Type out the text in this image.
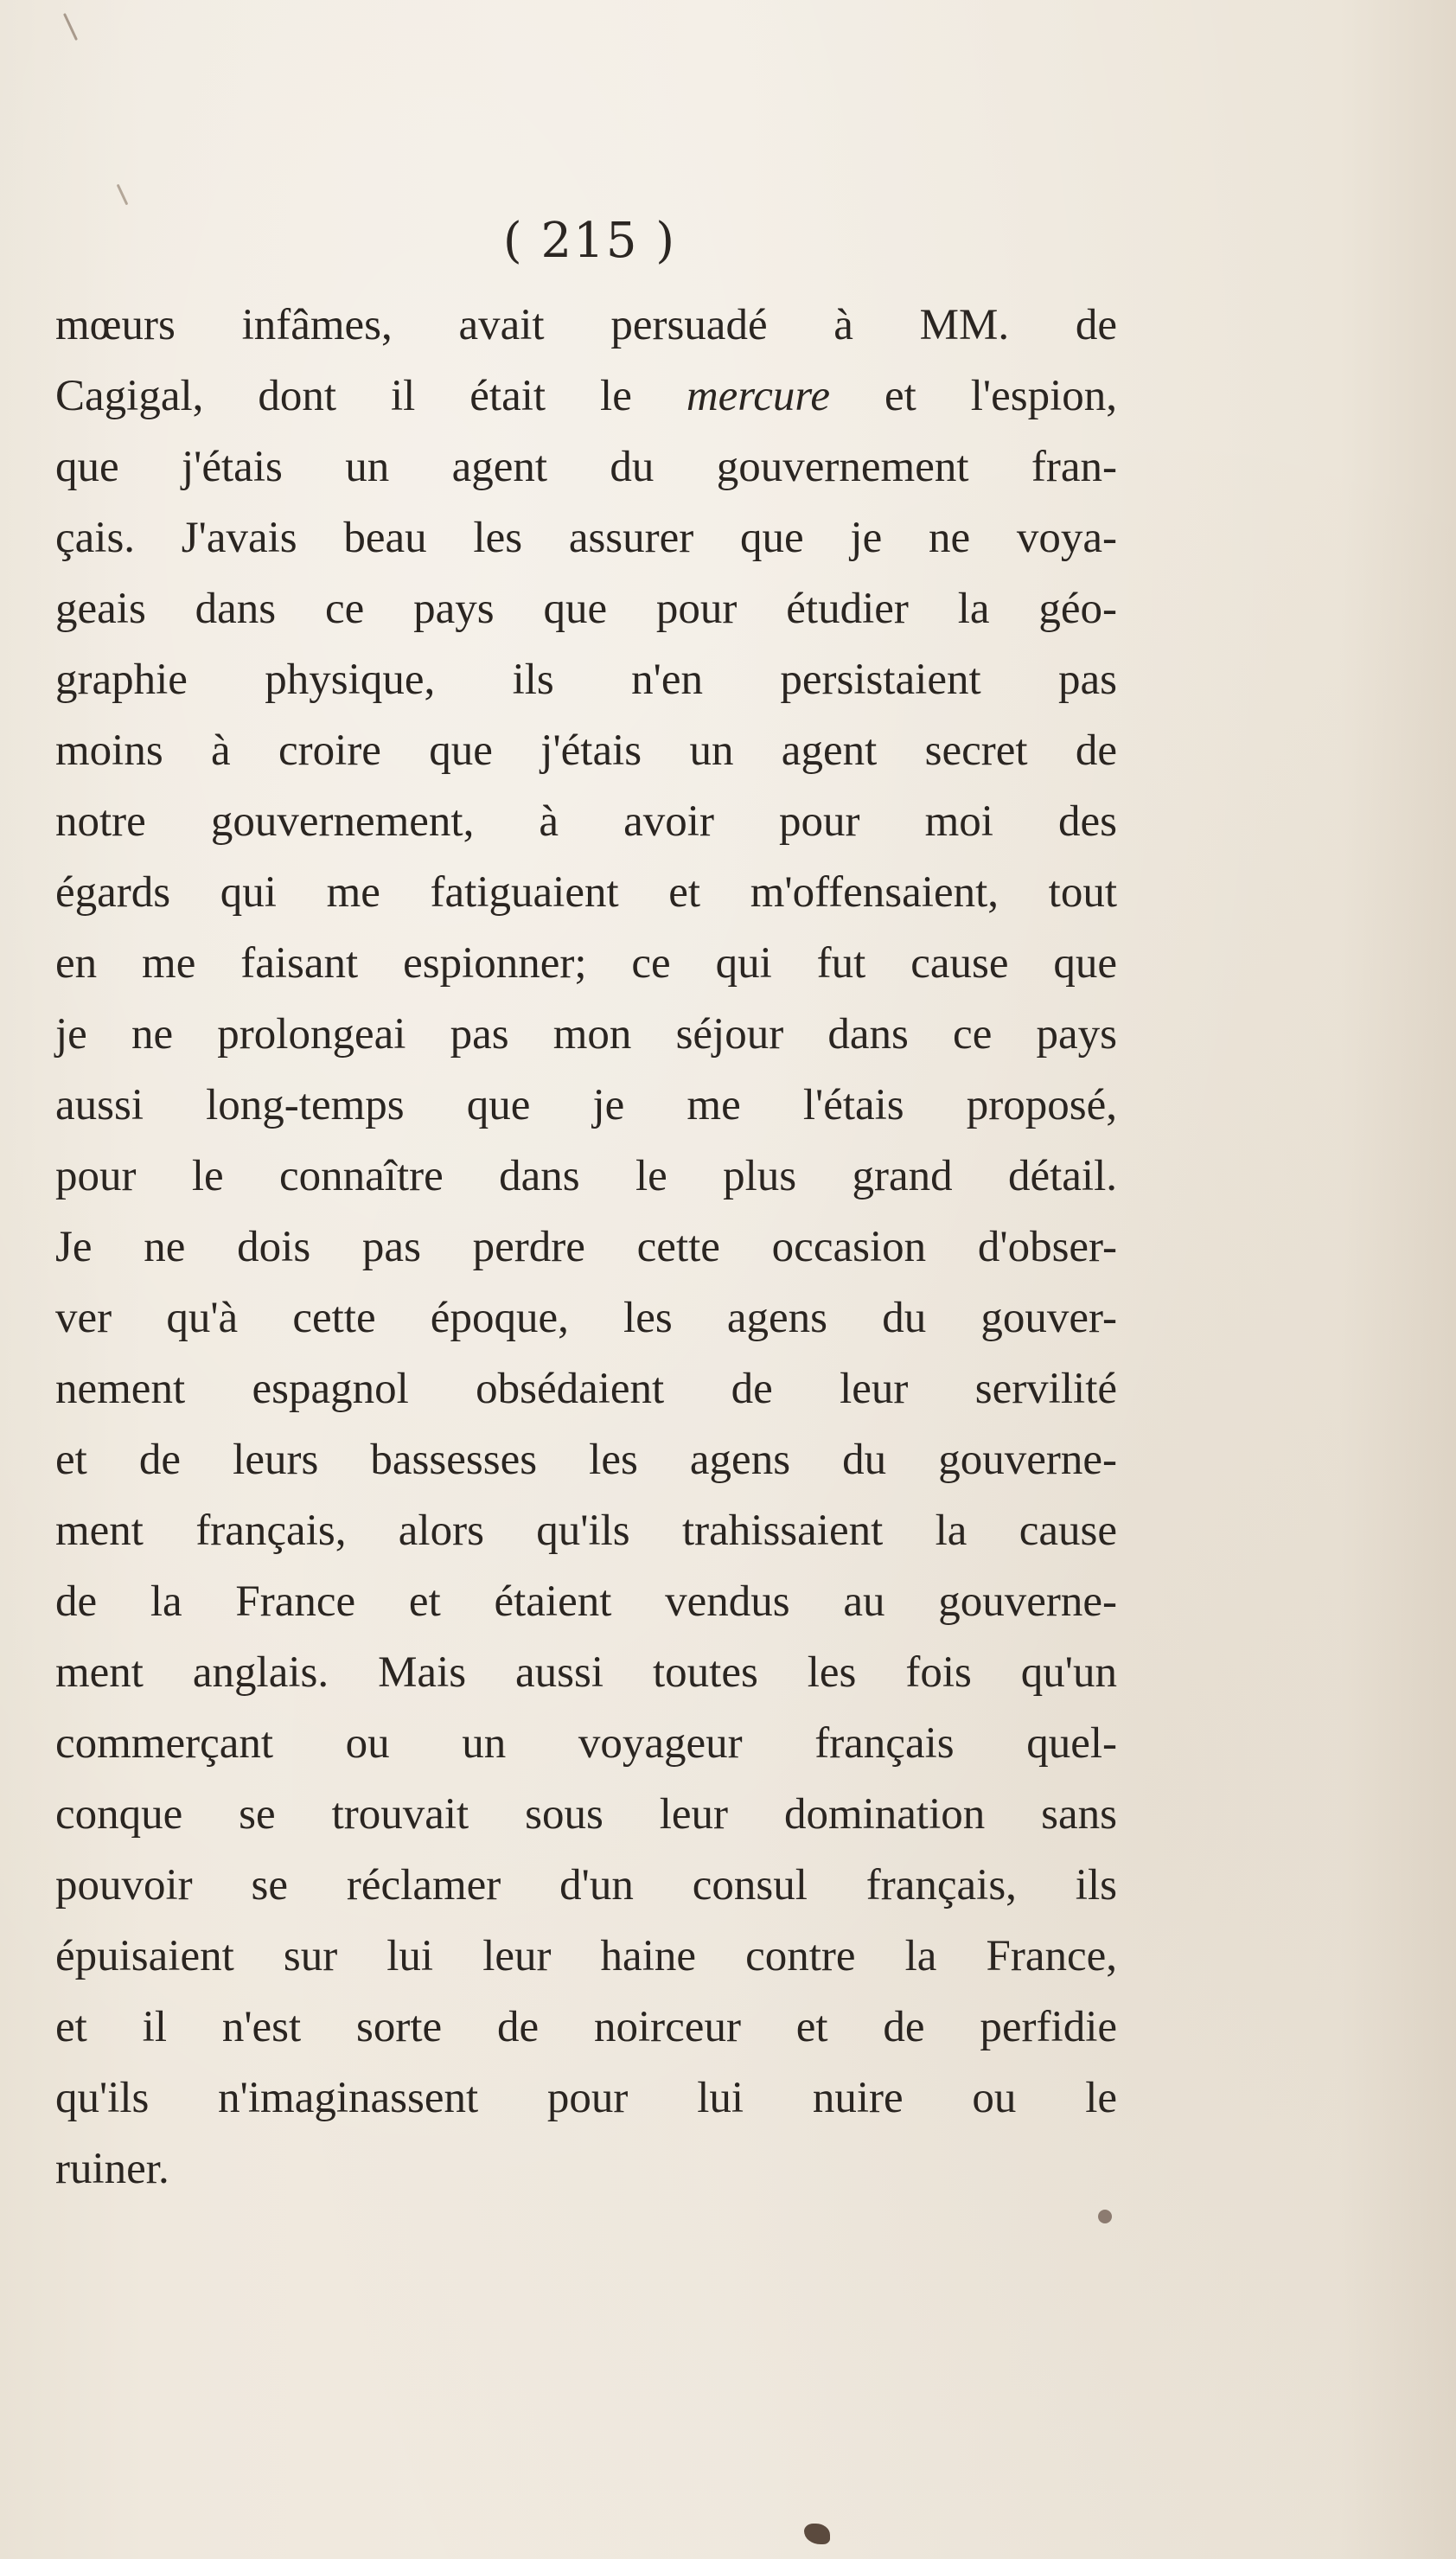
( 215 )
mœurs infâmes, avait persuadé à MM. de
Cagigal, dont il était le mercure et l'espion,
que j'étais un agent du gouvernement fran-
çais. J'avais beau les assurer que je ne voya-
geais dans ce pays que pour étudier la géo-
graphie physique, ils n'en persistaient pas
moins à croire que j'étais un agent secret de
notre gouvernement, à avoir pour moi des
égards qui me fatiguaient et m'offensaient, tout
en me faisant espionner; ce qui fut cause que
je ne prolongeai pas mon séjour dans ce pays
aussi long-temps que je me l'étais proposé,
pour le connaître dans le plus grand détail.
Je ne dois pas perdre cette occasion d'obser-
ver qu'à cette époque, les agens du gouver-
nement espagnol obsédaient de leur servilité
et de leurs bassesses les agens du gouverne-
ment français, alors qu'ils trahissaient la cause
de la France et étaient vendus au gouverne-
ment anglais. Mais aussi toutes les fois qu'un
commerçant ou un voyageur français quel-
conque se trouvait sous leur domination sans
pouvoir se réclamer d'un consul français, ils
épuisaient sur lui leur haine contre la France,
et il n'est sorte de noirceur et de perfidie
qu'ils n'imaginassent pour lui nuire ou le
ruiner.
